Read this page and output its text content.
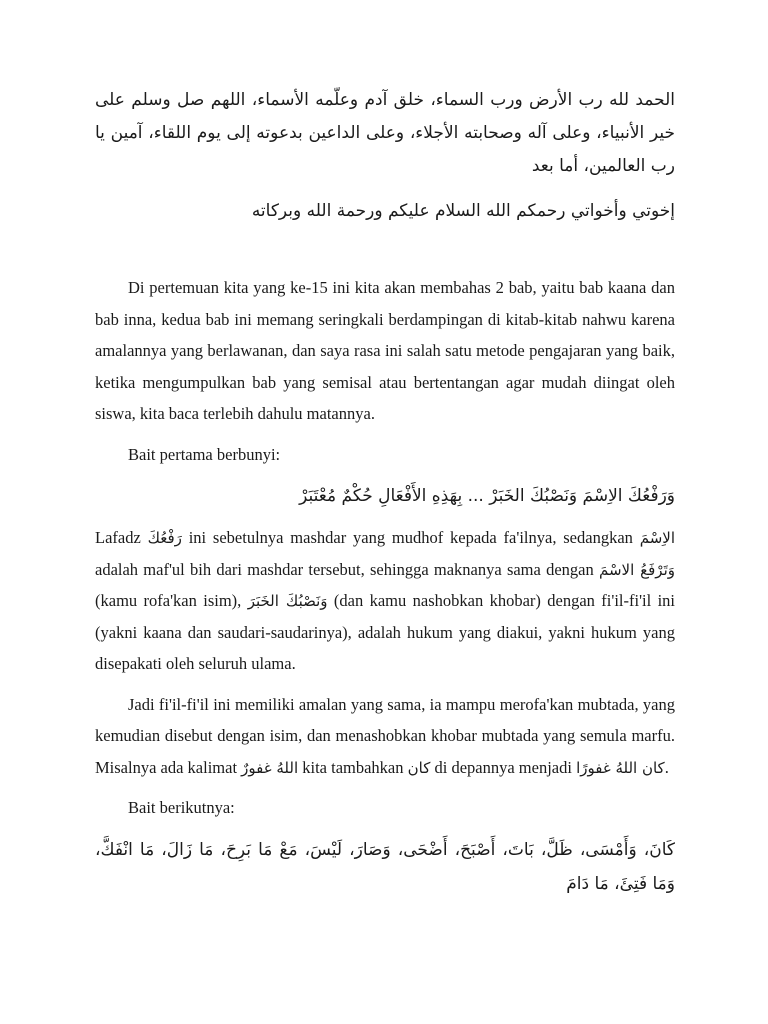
الحمد لله رب الأرض ورب السماء، خلق آدم وعلّمه الأسماء، اللهم صل وسلم على خير الأنبياء، وعلى آله وصحابته الأجلاء، وعلى الداعين بدعوته إلى يوم اللقاء، آمين يا رب العالمين، أما بعد

إخوتي وأخواتي رحمكم الله السلام عليكم ورحمة الله وبركاته

Di pertemuan kita yang ke-15 ini kita akan membahas 2 bab, yaitu bab kaana dan bab inna, kedua bab ini memang seringkali berdampingan di kitab-kitab nahwu karena amalannya yang berlawanan, dan saya rasa ini salah satu metode pengajaran yang baik, ketika mengumpulkan bab yang semisal atau bertentangan agar mudah diingat oleh siswa, kita baca terlebih dahulu matannya.

Bait pertama berbunyi:

وَرَفْعُكَ الاِسْمَ وَنَصْبُكَ الخَبَرْ ... بِهَذِهِ الأَفْعَالِ حُكْمٌ مُعْتَبَرْ

Lafadz رَفْعُكَ ini sebetulnya mashdar yang mudhof kepada fa'ilnya, sedangkan الاِسْمَ adalah maf'ul bih dari mashdar tersebut, sehingga maknanya sama dengan وَتَرْفَعُ الاسْمَ (kamu rofa'kan isim), وَنَصْبُكَ الخَبَرَ (dan kamu nashobkan khobar) dengan fi'il-fi'il ini (yakni kaana dan saudari-saudarinya), adalah hukum yang diakui, yakni hukum yang disepakati oleh seluruh ulama.

Jadi fi'il-fi'il ini memiliki amalan yang sama, ia mampu merofa'kan mubtada, yang kemudian disebut dengan isim, dan menashobkan khobar mubtada yang semula marfu. Misalnya ada kalimat اللهُ غفورٌ kita tambahkan كان di depannya menjadi كان اللهُ غفورًا.

Bait berikutnya:

كَانَ، وَأَمْسَى، ظَلَّ، بَاتَ، أَصْبَحَ، أَضْحَى، وَصَارَ، لَيْسَ، مَعْ مَا بَرِحَ، مَا زَالَ، مَا انْفَكَّ، وَمَا فَتِئَ، مَا دَامَ
